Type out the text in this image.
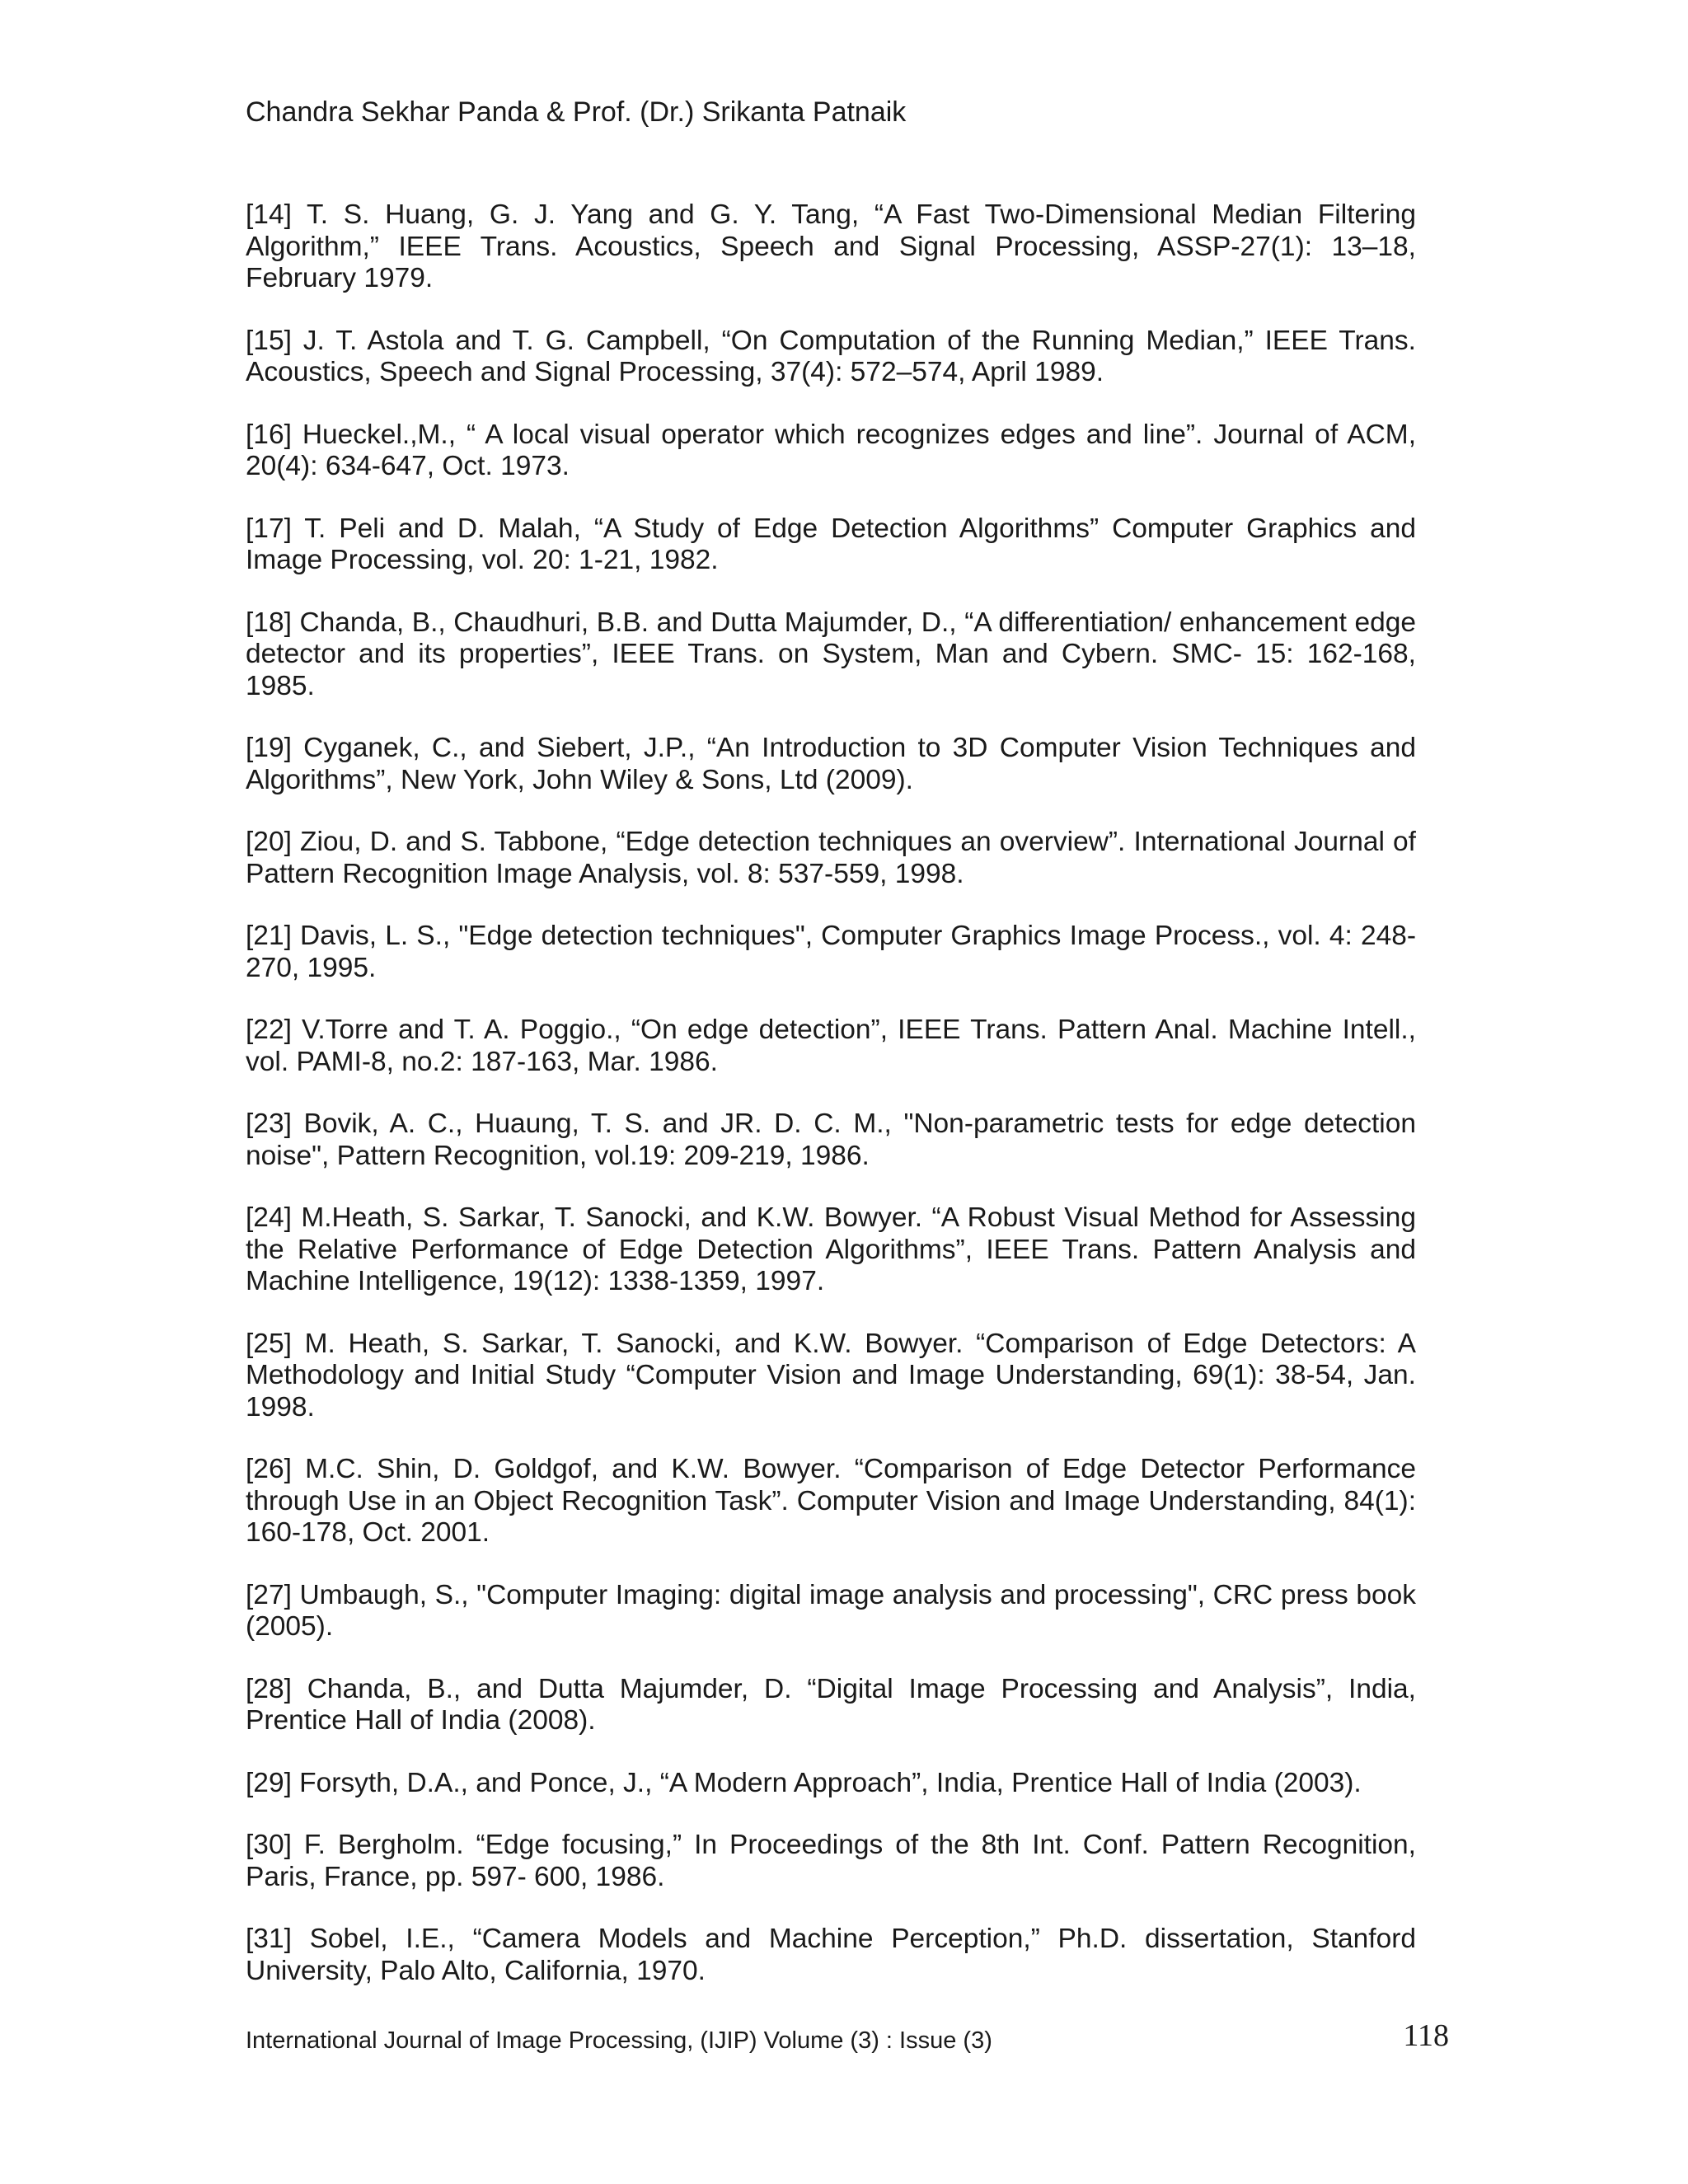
Chandra Sekhar Panda & Prof. (Dr.) Srikanta Patnaik

[14] T. S. Huang, G. J. Yang and G. Y. Tang, “A Fast Two-Dimensional Median Filtering Algorithm,” IEEE Trans. Acoustics, Speech and Signal Processing, ASSP-27(1): 13–18, February 1979.

[15] J. T. Astola and T. G. Campbell, “On Computation of the Running Median,” IEEE Trans. Acoustics, Speech and Signal Processing, 37(4): 572–574, April 1989.

[16] Hueckel.,M., “ A local visual operator which recognizes edges and line”. Journal of ACM, 20(4): 634-647, Oct. 1973.

[17] T. Peli and D. Malah, “A Study of Edge Detection Algorithms” Computer Graphics and Image Processing, vol. 20: 1-21, 1982.

[18] Chanda, B., Chaudhuri, B.B. and Dutta Majumder, D., “A differentiation/ enhancement edge detector and its properties”, IEEE Trans. on System, Man and Cybern. SMC- 15: 162-168, 1985.

[19] Cyganek, C., and Siebert, J.P., “An Introduction to 3D Computer Vision Techniques and Algorithms”, New York, John Wiley & Sons, Ltd (2009).

[20] Ziou, D. and S. Tabbone, “Edge detection techniques an overview”. International Journal of Pattern Recognition Image Analysis, vol. 8: 537-559, 1998.

[21] Davis, L. S., "Edge detection techniques", Computer Graphics Image Process., vol. 4: 248-270, 1995.

[22] V.Torre and T. A. Poggio., “On edge detection”, IEEE Trans. Pattern Anal. Machine Intell., vol. PAMI-8, no.2: 187-163, Mar. 1986.

[23] Bovik, A. C., Huaung, T. S. and JR. D. C. M., "Non-parametric tests for edge detection noise", Pattern Recognition, vol.19: 209-219, 1986.

[24] M.Heath, S. Sarkar, T. Sanocki, and K.W. Bowyer. “A Robust Visual Method for Assessing the Relative Performance of Edge Detection Algorithms”, IEEE Trans. Pattern Analysis and Machine Intelligence, 19(12): 1338-1359, 1997.

[25] M. Heath, S. Sarkar, T. Sanocki, and K.W. Bowyer. “Comparison of Edge Detectors: A Methodology and Initial Study “Computer Vision and Image Understanding, 69(1): 38-54, Jan. 1998.

[26] M.C. Shin, D. Goldgof, and K.W. Bowyer. “Comparison of Edge Detector Performance through Use in an Object Recognition Task”. Computer Vision and Image Understanding, 84(1): 160-178, Oct. 2001.

[27] Umbaugh, S., "Computer Imaging: digital image analysis and processing", CRC press book (2005).

[28] Chanda, B., and Dutta Majumder, D. “Digital Image Processing and Analysis”, India, Prentice Hall of India (2008).

[29] Forsyth, D.A., and Ponce, J., “A Modern Approach”, India, Prentice Hall of India (2003).

[30] F. Bergholm. “Edge focusing,” In Proceedings of the 8th Int. Conf. Pattern Recognition, Paris, France, pp. 597- 600, 1986.

[31] Sobel, I.E., “Camera Models and Machine Perception,” Ph.D. dissertation, Stanford University, Palo Alto, California, 1970.

International Journal of Image Processing, (IJIP) Volume (3) : Issue (3)	118
